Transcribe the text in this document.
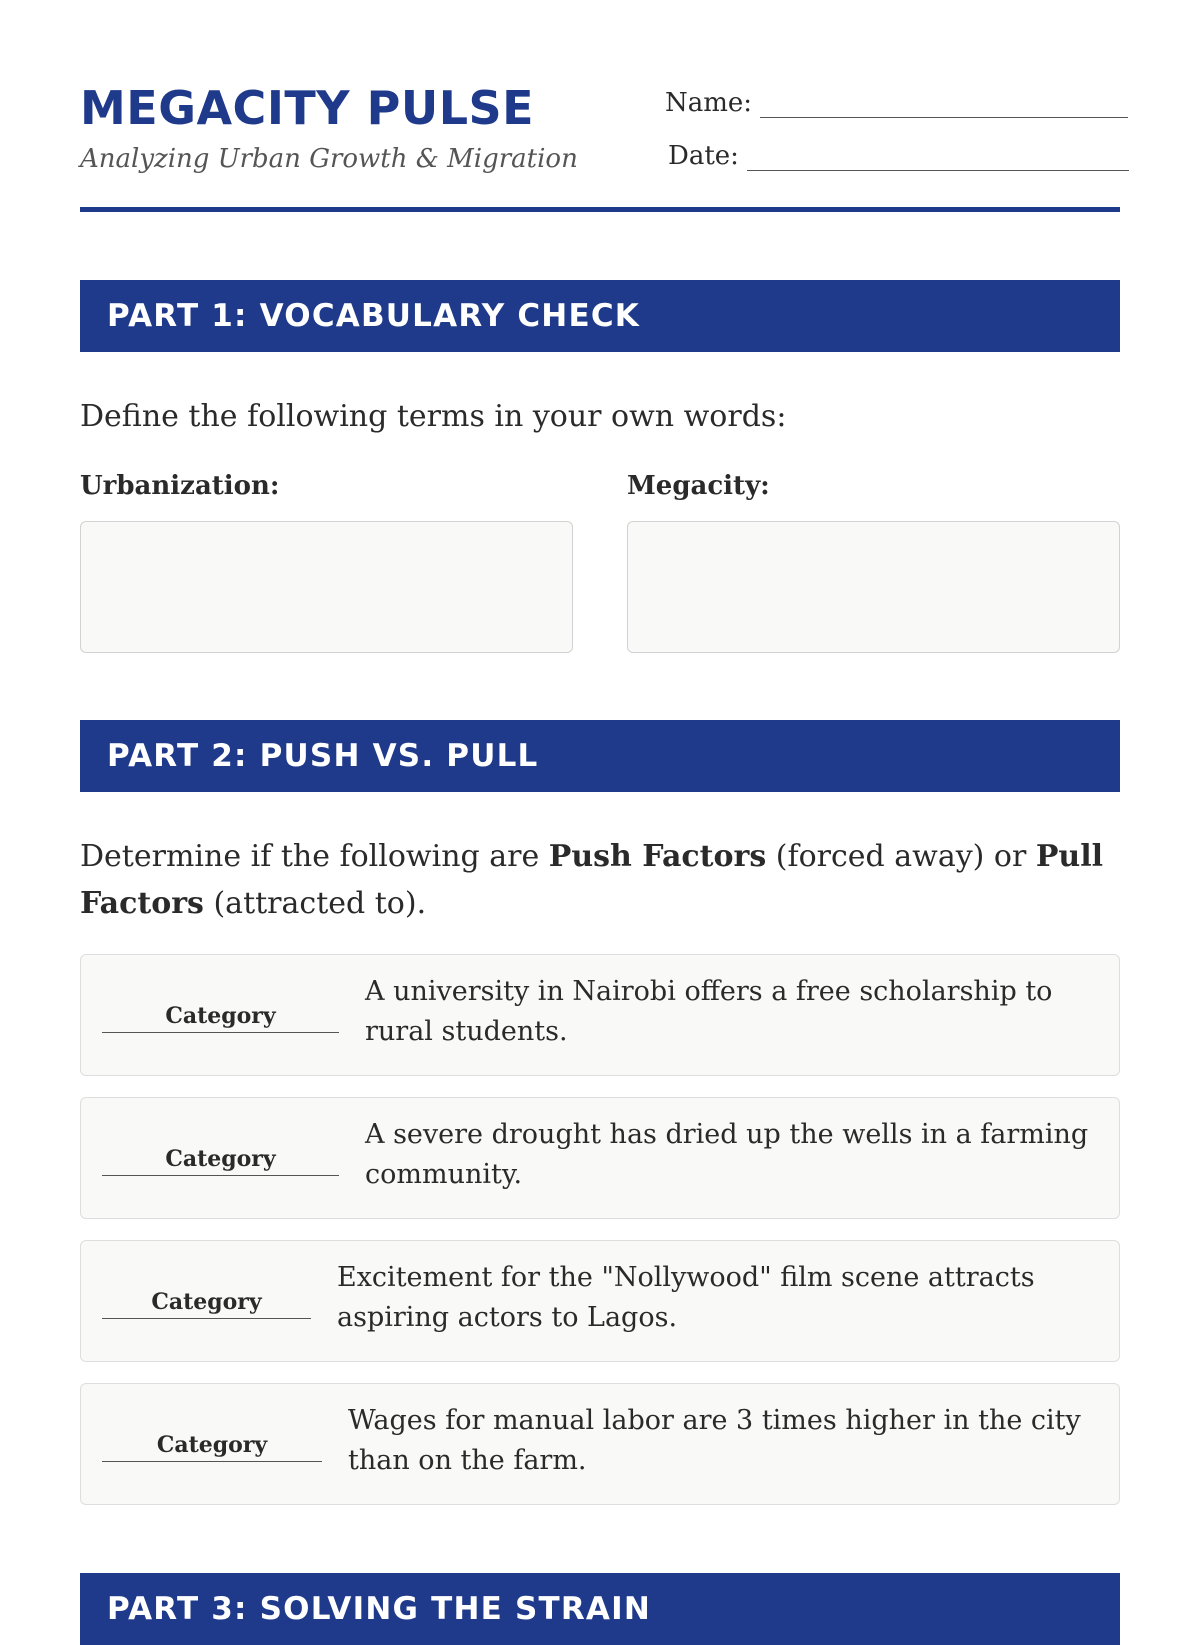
MEGACITY PULSE
Analyzing Urban Growth & Migration
Name:
Date:
PART 1: VOCABULARY CHECK
Define the following terms in your own words:
Urbanization:	Megacity:
PART 2: PUSH VS. PULL
Determine if the following are Push Factors (forced away) or Pull Factors (attracted to).
Category
A university in Nairobi offers a free scholarship to rural students.
Category
A severe drought has dried up the wells in a farming community.
Category
Excitement for the "Nollywood" film scene attracts aspiring actors to Lagos.
Category
Wages for manual labor are 3 times higher in the city than on the farm.
PART 3: SOLVING THE STRAIN
